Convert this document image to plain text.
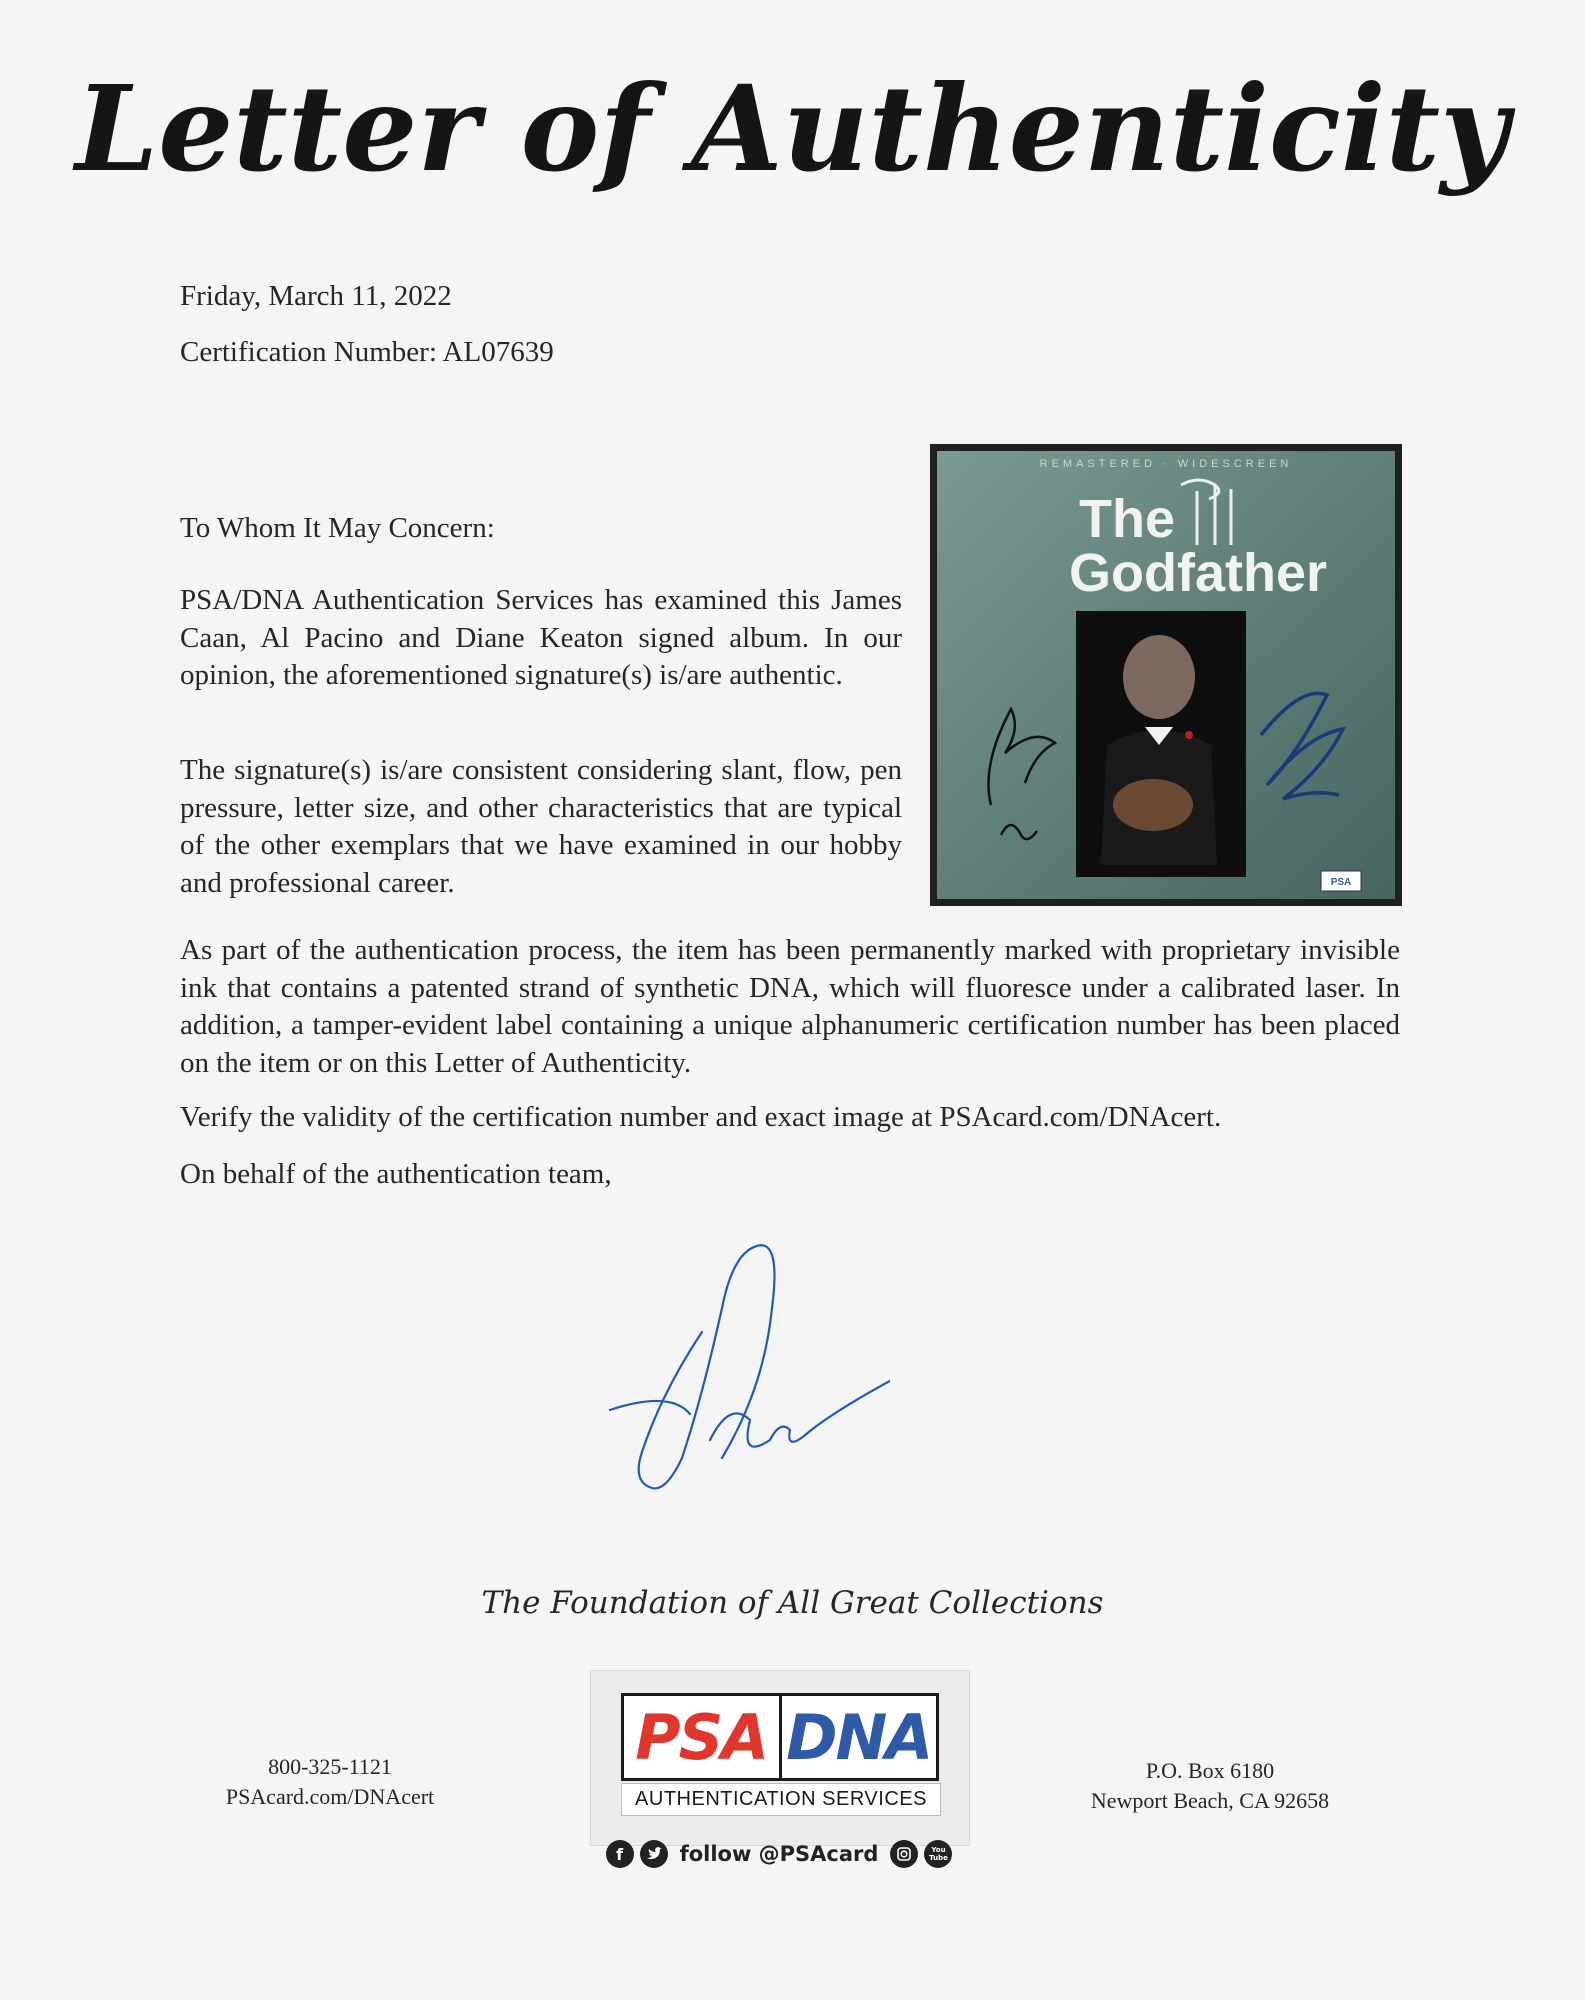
Letter of Authenticity
Friday, March 11, 2022
Certification Number: AL07639
To Whom It May Concern:

PSA/DNA Authentication Services has examined this James Caan, Al Pacino and Diane Keaton signed album. In our opinion, the aforementioned signature(s) is/are authentic.

The signature(s) is/are consistent considering slant, flow, pen pressure, letter size, and other characteristics that are typical of the other exemplars that we have examined in our hobby and professional career.

REMASTERED · WIDESCREEN
The
Godfather
PSA

As part of the authentication process, the item has been permanently marked with proprietary invisible ink that contains a patented strand of synthetic DNA, which will fluoresce under a calibrated laser. In addition, a tamper-evident label containing a unique alphanumeric certification number has been placed on the item or on this Letter of Authenticity.

Verify the validity of the certification number and exact image at PSAcard.com/DNAcert.
On behalf of the authentication team,
The Foundation of All Great Collections
800-325-1121
PSAcard.com/DNAcert
P.O. Box 6180
Newport Beach, CA 92658
PSA DNA
AUTHENTICATION SERVICES
f	follow @PSAcard	You Tube
